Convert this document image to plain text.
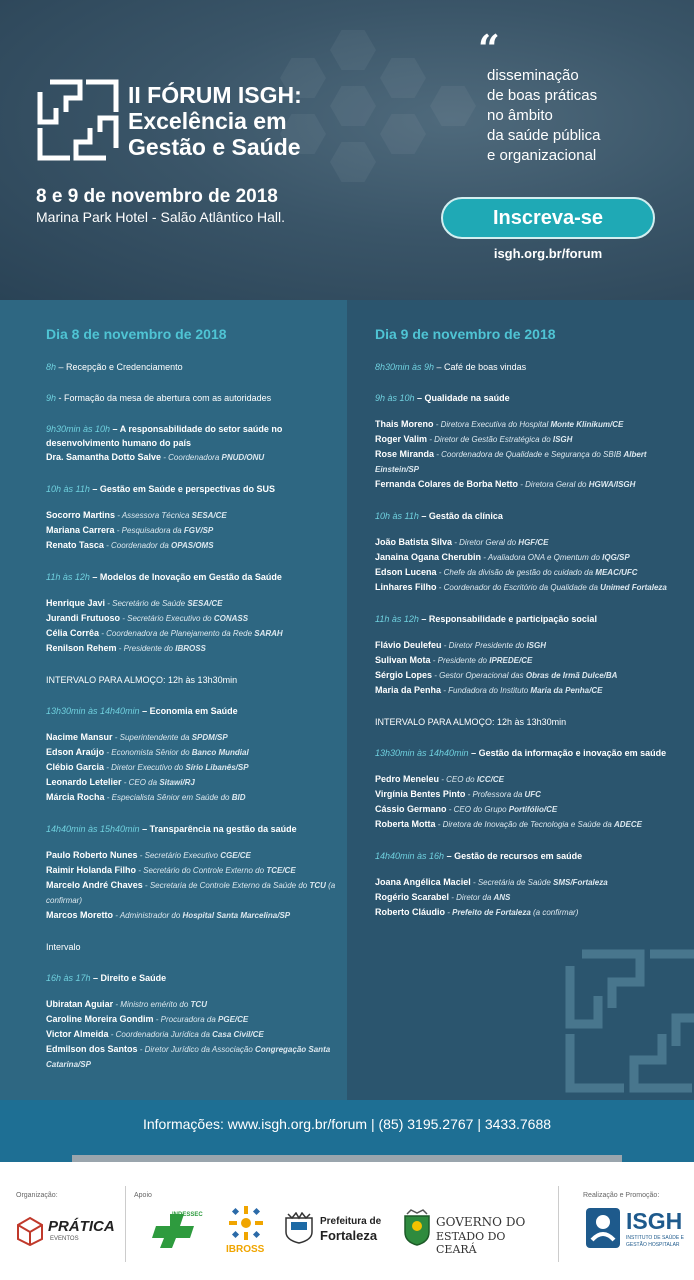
II FÓRUM ISGH:
Excelência em
Gestão e Saúde
8 e 9 de novembro de 2018
Marina Park Hotel - Salão Atlântico Hall.
“
disseminação
de boas práticas
no âmbito
da saúde pública
e organizacional
Inscreva-se
isgh.org.br/forum
Dia 8 de novembro de 2018
8h – Recepção e Credenciamento
9h - Formação da mesa de abertura com as autoridades
9h30min às 10h – A responsabilidade do setor saúde no desenvolvimento humano do país
Dra. Samantha Dotto Salve - Coordenadora PNUD/ONU
10h às 11h – Gestão em Saúde e perspectivas do SUS
Socorro Martins - Assessora Técnica SESA/CE
Mariana Carrera - Pesquisadora da FGV/SP
Renato Tasca - Coordenador da OPAS/OMS
11h às 12h – Modelos de Inovação em Gestão da Saúde
Henrique Javi - Secretário de Saúde SESA/CE
Jurandi Frutuoso - Secretário Executivo do CONASS
Célia Corrêa - Coordenadora de Planejamento da Rede SARAH
Renilson Rehem - Presidente do IBROSS
INTERVALO PARA ALMOÇO: 12h às 13h30min
13h30min às 14h40min – Economia em Saúde
Nacime Mansur - Superintendente da SPDM/SP
Edson Araújo - Economista Sênior do Banco Mundial
Clébio Garcia - Diretor Executivo do Sírio Libanês/SP
Leonardo Letelier - CEO da Sitawi/RJ
Márcia Rocha - Especialista Sênior em Saúde do BID
14h40min às 15h40min – Transparência na gestão da saúde
Paulo Roberto Nunes - Secretário Executivo CGE/CE
Raimir Holanda Filho - Secretário do Controle Externo do TCE/CE
Marcelo André Chaves - Secretaria de Controle Externo da Saúde do TCU (a confirmar)
Marcos Moretto - Administrador do Hospital Santa Marcelina/SP
Intervalo
16h às 17h – Direito e Saúde
Ubiratan Aguiar - Ministro emérito do TCU
Caroline Moreira Gondim - Procuradora da PGE/CE
Victor Almeida - Coordenadoria Jurídica da Casa Civil/CE
Edmilson dos Santos - Diretor Jurídico da Associação Congregação Santa Catarina/SP
Dia 9 de novembro de 2018
8h30min às 9h – Café de boas vindas
9h às 10h – Qualidade na saúde
Thais Moreno - Diretora Executiva do Hospital Monte Klinikum/CE
Roger Valim - Diretor de Gestão Estratégica do ISGH
Rose Miranda - Coordenadora de Qualidade e Segurança do SBIB Albert Einstein/SP
Fernanda Colares de Borba Netto - Diretora Geral do HGWA/ISGH
10h às 11h – Gestão da clínica
João Batista Silva - Diretor Geral do HGF/CE
Janaina Ogana Cherubin - Avaliadora ONA e Qmentum do IQG/SP
Edson Lucena - Chefe da divisão de gestão do cuidado da MEAC/UFC
Linhares Filho - Coordenador do Escritório da Qualidade da Unimed Fortaleza
11h às 12h – Responsabilidade e participação social
Flávio Deulefeu - Diretor Presidente do ISGH
Sulivan Mota - Presidente do IPREDE/CE
Sérgio Lopes - Gestor Operacional das Obras de Irmã Dulce/BA
Maria da Penha - Fundadora do Instituto Maria da Penha/CE
INTERVALO PARA ALMOÇO: 12h às 13h30min
13h30min às 14h40min – Gestão da informação e inovação em saúde
Pedro Meneleu - CEO do ICC/CE
Virgínia Bentes Pinto - Professora da UFC
Cássio Germano - CEO do Grupo Portifólio/CE
Roberta Motta - Diretora de Inovação de Tecnologia e Saúde da ADECE
14h40min às 16h – Gestão de recursos em saúde
Joana Angélica Maciel - Secretária de Saúde SMS/Fortaleza
Rogério Scarabel - Diretor da ANS
Roberto Cláudio - Prefeito de Fortaleza (a confirmar)
Informações: www.isgh.org.br/forum | (85) 3195.2767 | 3433.7688
Organização:	Apoio	Realização e Promoção:
PRÁTICA
EVENTOS
INDESSEC
IBROSS
Prefeitura de
Fortaleza
GOVERNO DO
ESTADO DO CEARÁ
ISGH
INSTITUTO DE SAÚDE E
GESTÃO HOSPITALAR
